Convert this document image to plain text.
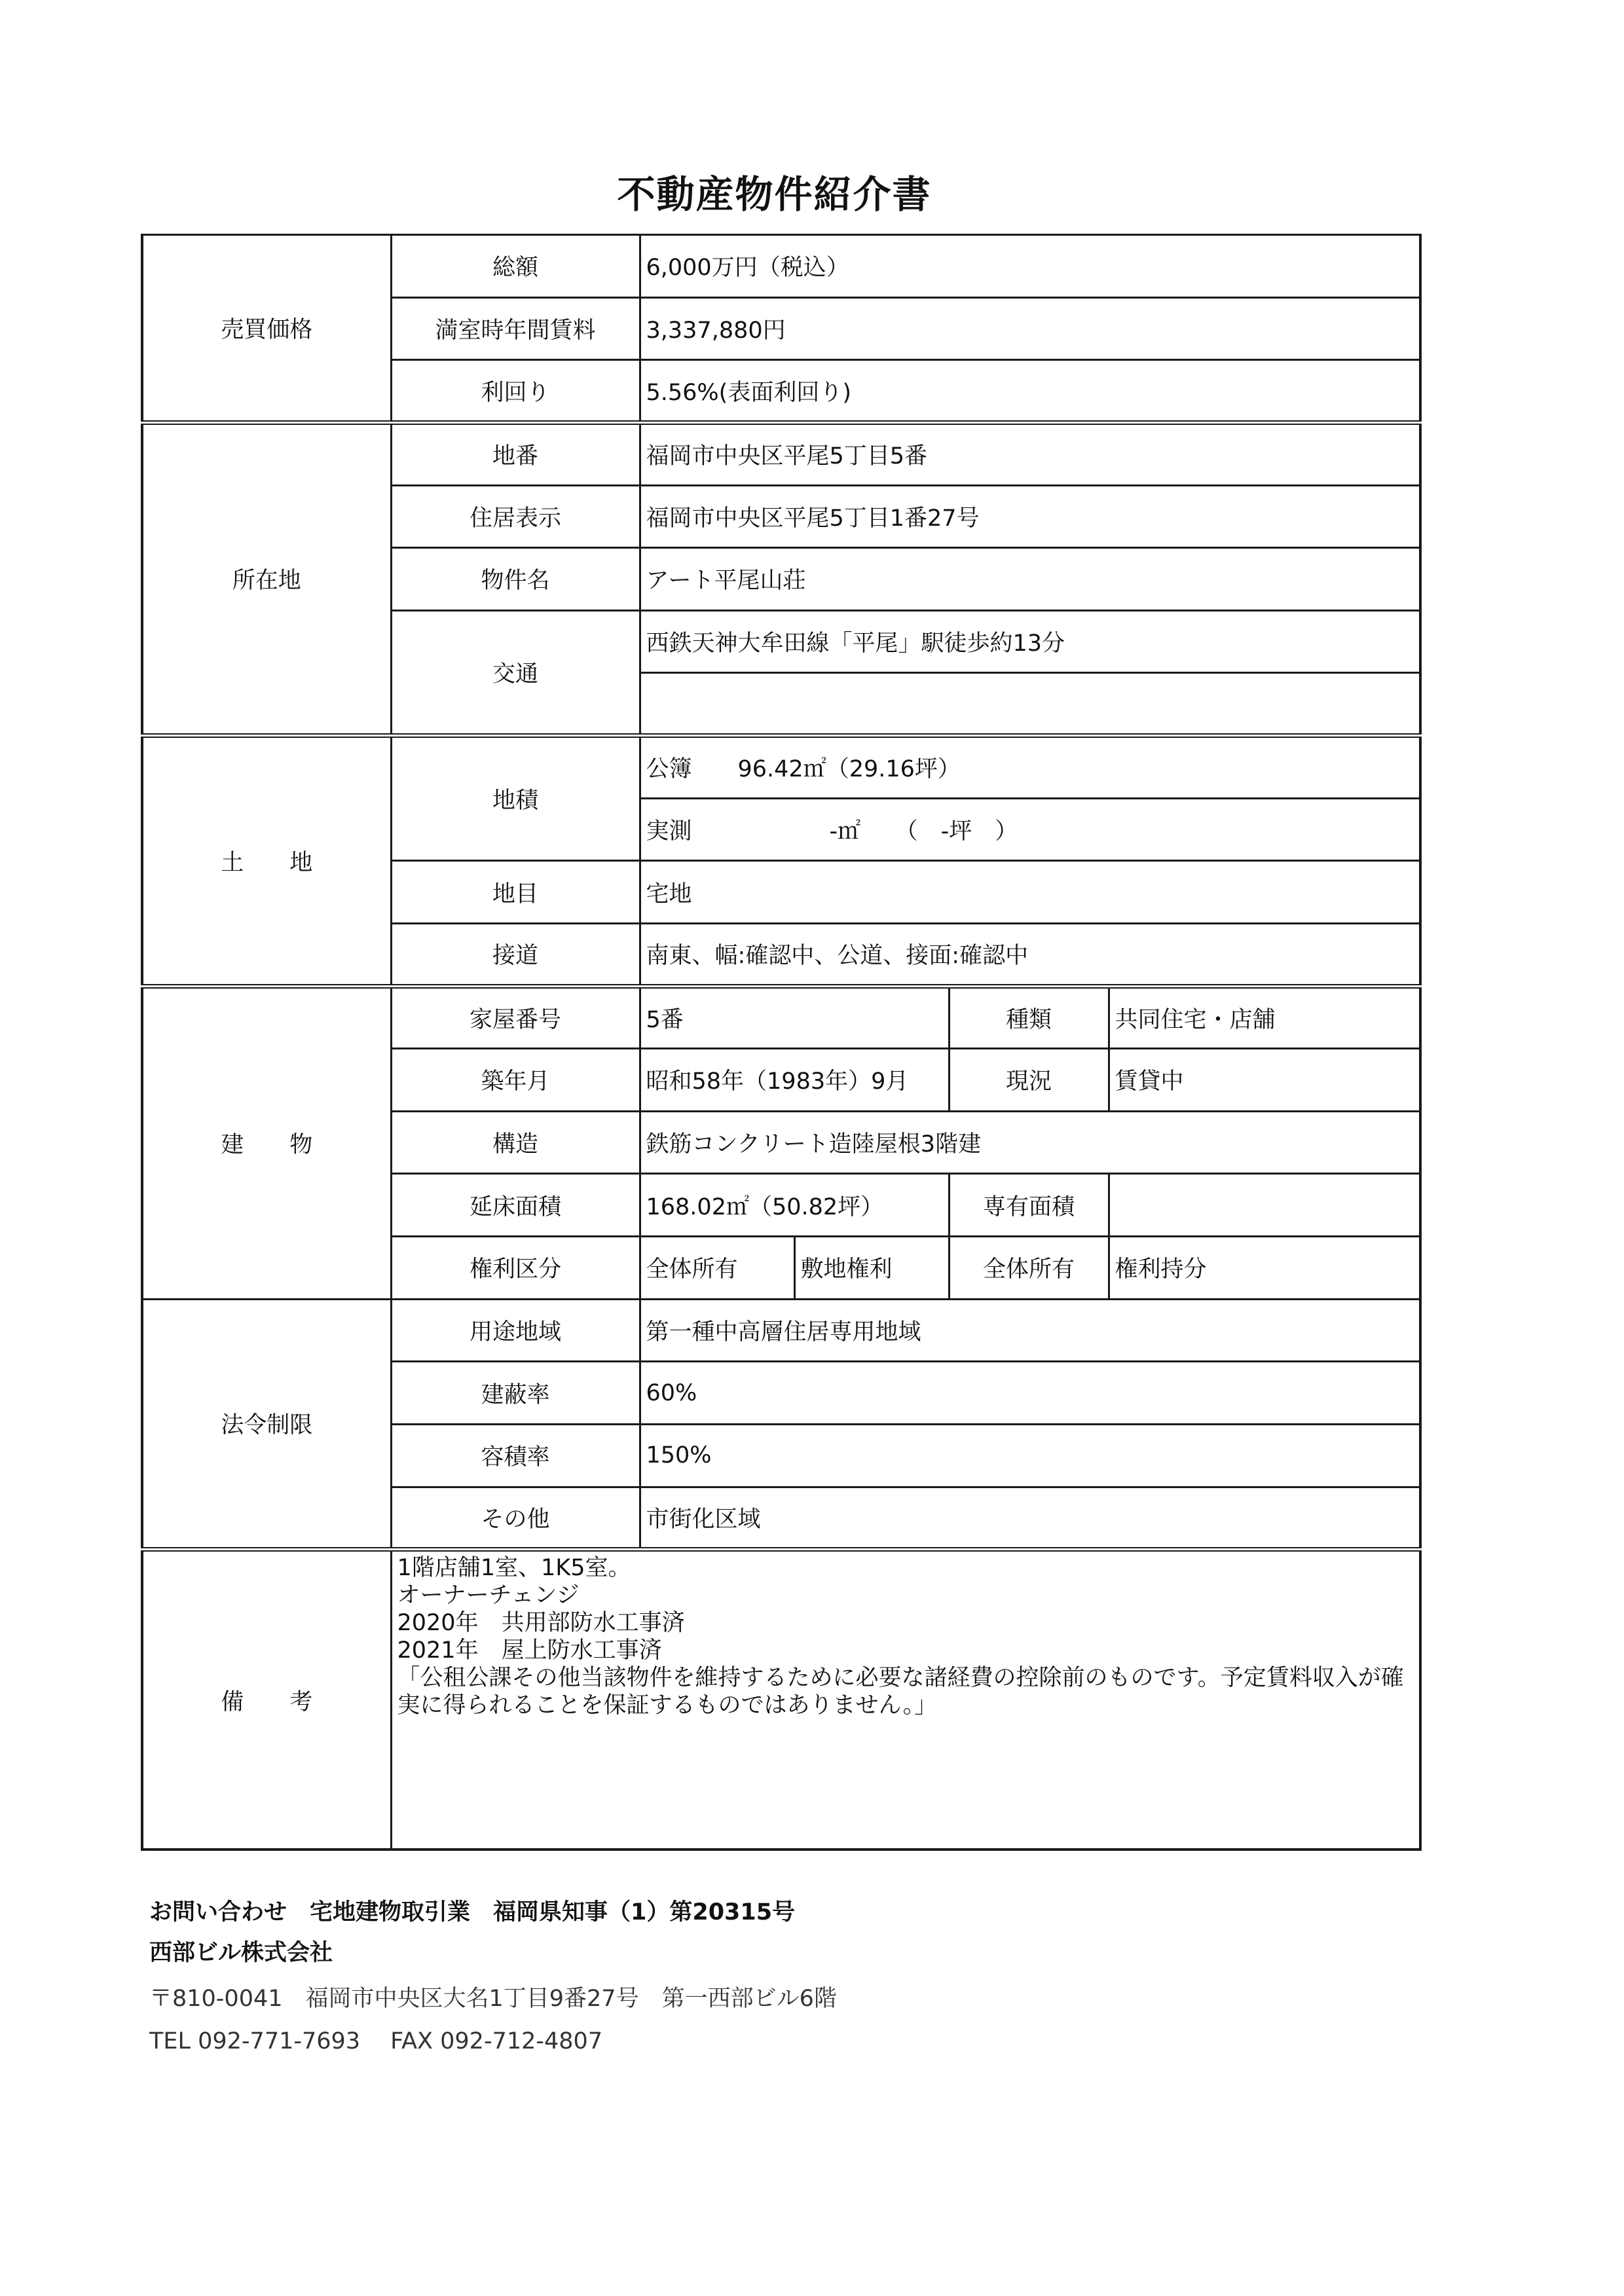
不動産物件紹介書
売買価格	総額	6,000万円（税込）			
	満室時年間賃料	3,337,880円			
	利回り	5.56%(表面利回り)			
所在地	地番	福岡市中央区平尾5丁目5番			
	住居表示	福岡市中央区平尾5丁目1番27号			
	物件名	アート平尾山荘			
	交通	西鉄天神大牟田線「平尾」駅徒歩約13分			

土　　地	地積	公簿　　96.42㎡（29.16坪）			
		実測　　　　　　-㎡　　（　-坪　）			
	地目	宅地			
	接道	南東、幅:確認中、公道、接面:確認中			
建　　物	家屋番号	5番		種類	共同住宅・店舗
	築年月	昭和58年（1983年）9月		現況	賃貸中
	構造	鉄筋コンクリート造陸屋根3階建			
	延床面積	168.02㎡（50.82坪）		専有面積	
	権利区分	全体所有	敷地権利	全体所有	権利持分
法令制限	用途地域	第一種中高層住居専用地域			
	建蔽率	60%			
	容積率	150%			
	その他	市街化区域			
備　　考	1階店舗1室、1K5室。
オーナーチェンジ
2020年　共用部防水工事済
2021年　屋上防水工事済
「公租公課その他当該物件を維持するために必要な諸経費の控除前のものです。予定賃料収入が確実に得られることを保証するものではありません。」				
お問い合わせ　宅地建物取引業　福岡県知事（1）第20315号
西部ビル株式会社
〒810-0041　福岡市中央区大名1丁目9番27号　第一西部ビル6階
TEL 092-771-7693　 FAX 092-712-4807
